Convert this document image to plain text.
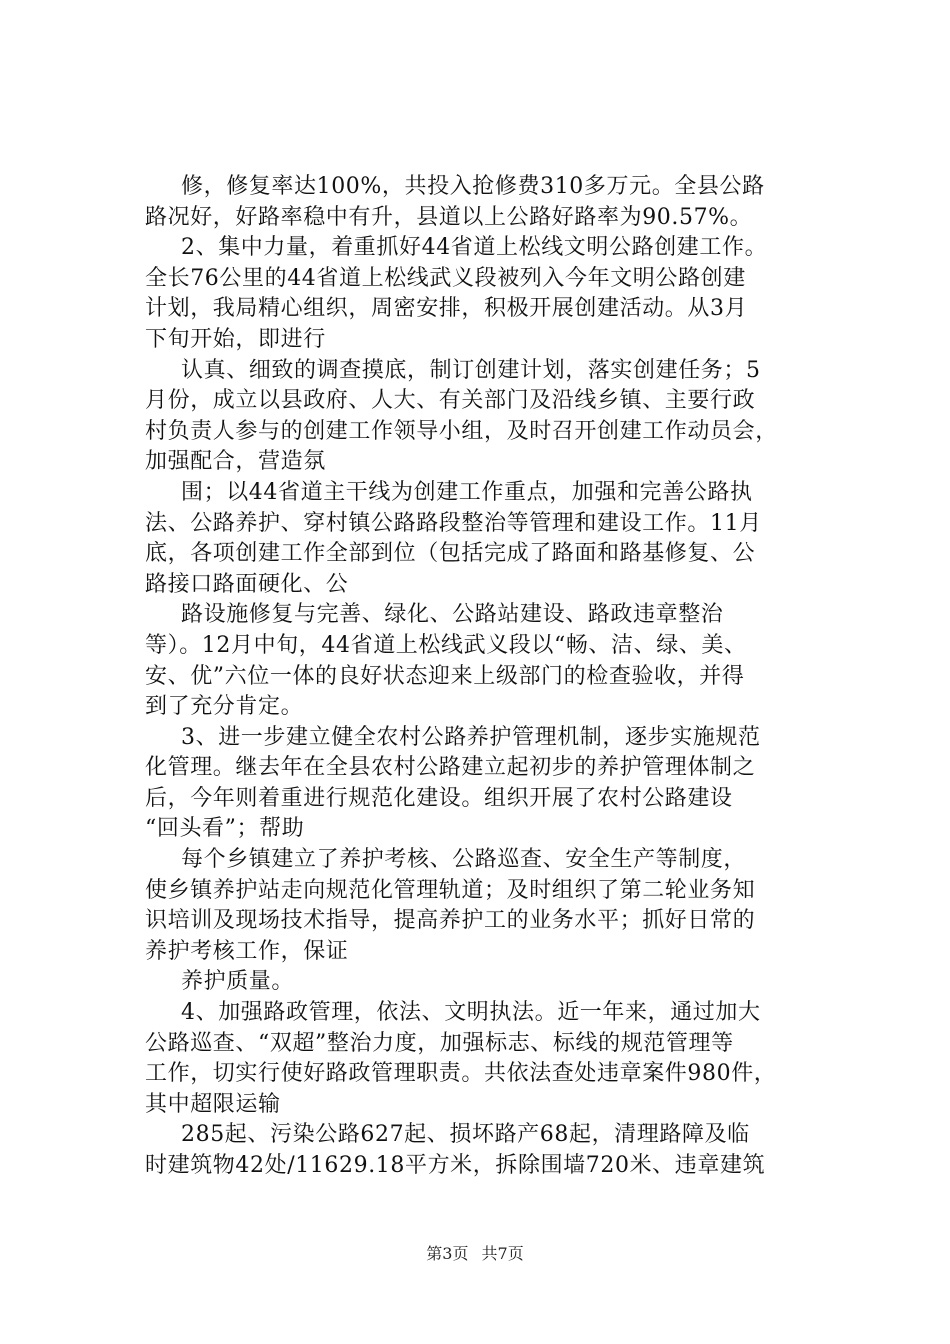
修，修复率达100%，共投入抢修费310多万元。全县公路
路况好，好路率稳中有升，县道以上公路好路率为90.57%。
2、集中力量，着重抓好44省道上松线文明公路创建工作。
全长76公里的44省道上松线武义段被列入今年文明公路创建
计划，我局精心组织，周密安排，积极开展创建活动。从3月
下旬开始，即进行
认真、细致的调查摸底，制订创建计划，落实创建任务；5
月份，成立以县政府、人大、有关部门及沿线乡镇、主要行政
村负责人参与的创建工作领导小组，及时召开创建工作动员会，
加强配合，营造氛
围；以44省道主干线为创建工作重点，加强和完善公路执
法、公路养护、穿村镇公路路段整治等管理和建设工作。11月
底，各项创建工作全部到位（包括完成了路面和路基修复、公
路接口路面硬化、公
路设施修复与完善、绿化、公路站建设、路政违章整治
等）。12月中旬，44省道上松线武义段以“畅、洁、绿、美、
安、优”六位一体的良好状态迎来上级部门的检查验收，并得
到了充分肯定。
3、进一步建立健全农村公路养护管理机制，逐步实施规范
化管理。继去年在全县农村公路建立起初步的养护管理体制之
后，今年则着重进行规范化建设。组织开展了农村公路建设
“回头看”；帮助
每个乡镇建立了养护考核、公路巡查、安全生产等制度，
使乡镇养护站走向规范化管理轨道；及时组织了第二轮业务知
识培训及现场技术指导，提高养护工的业务水平；抓好日常的
养护考核工作，保证
养护质量。
4、加强路政管理，依法、文明执法。近一年来，通过加大
公路巡查、“双超”整治力度，加强标志、标线的规范管理等
工作，切实行使好路政管理职责。共依法查处违章案件980件，
其中超限运输
285起、污染公路627起、损坏路产68起，清理路障及临
时建筑物42处/11629.18平方米，拆除围墙720米、违章建筑
第3页 共7页
